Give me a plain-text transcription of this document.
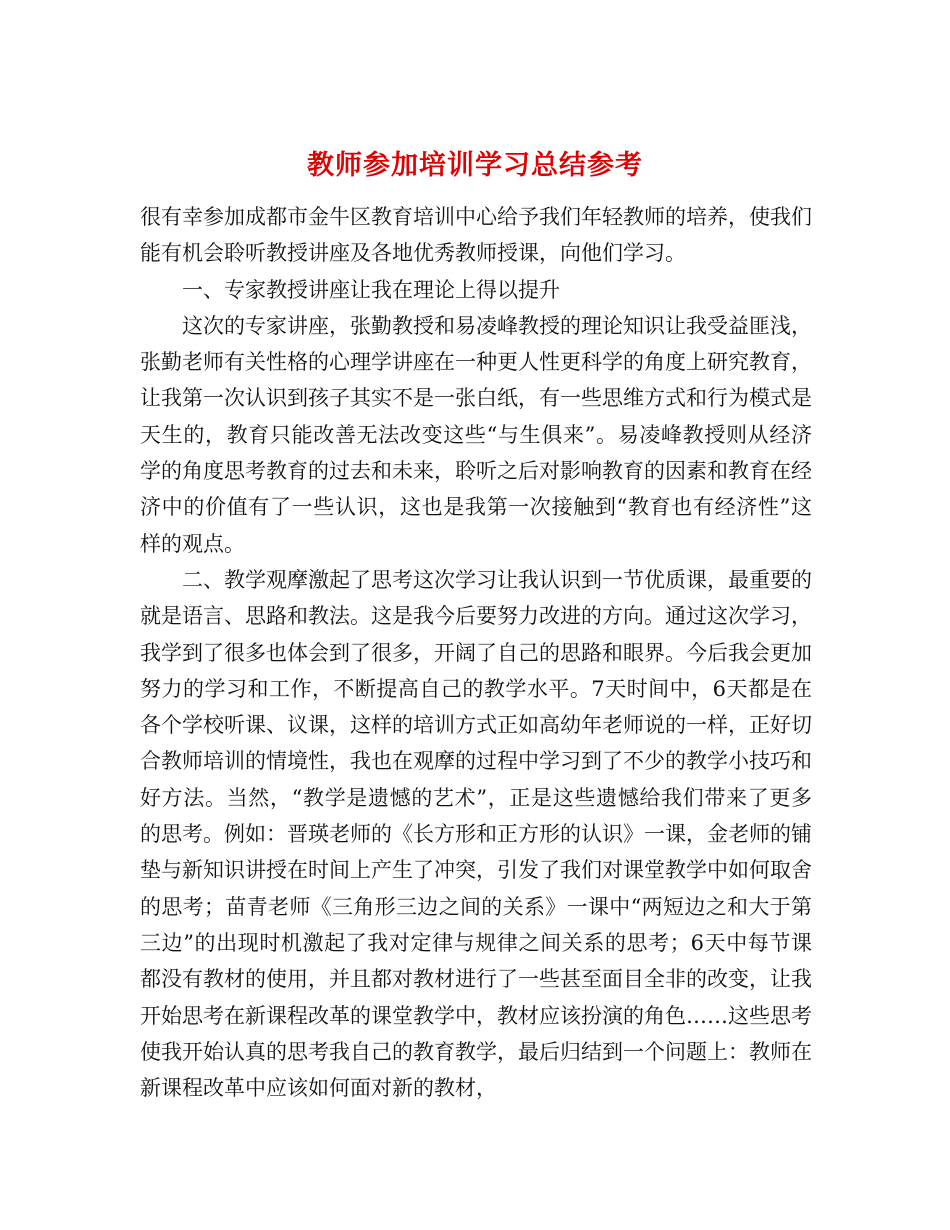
教师参加培训学习总结参考

很有幸参加成都市金牛区教育培训中心给予我们年轻教师的培养，使我们能有机会聆听教授讲座及各地优秀教师授课，向他们学习。

一、专家教授讲座让我在理论上得以提升

这次的专家讲座，张勤教授和易凌峰教授的理论知识让我受益匪浅，张勤老师有关性格的心理学讲座在一种更人性更科学的角度上研究教育，让我第一次认识到孩子其实不是一张白纸，有一些思维方式和行为模式是天生的，教育只能改善无法改变这些“与生俱来”。易凌峰教授则从经济学的角度思考教育的过去和未来，聆听之后对影响教育的因素和教育在经济中的价值有了一些认识，这也是我第一次接触到“教育也有经济性”这样的观点。

二、教学观摩激起了思考这次学习让我认识到一节优质课，最重要的就是语言、思路和教法。这是我今后要努力改进的方向。通过这次学习，我学到了很多也体会到了很多，开阔了自己的思路和眼界。今后我会更加努力的学习和工作，不断提高自己的教学水平。7天时间中，6天都是在各个学校听课、议课，这样的培训方式正如高幼年老师说的一样，正好切合教师培训的情境性，我也在观摩的过程中学习到了不少的教学小技巧和好方法。当然，“教学是遗憾的艺术”，正是这些遗憾给我们带来了更多的思考。例如：晋瑛老师的《长方形和正方形的认识》一课，金老师的铺垫与新知识讲授在时间上产生了冲突，引发了我们对课堂教学中如何取舍的思考；苗青老师《三角形三边之间的关系》一课中“两短边之和大于第三边”的出现时机激起了我对定律与规律之间关系的思考；6天中每节课都没有教材的使用，并且都对教材进行了一些甚至面目全非的改变，让我开始思考在新课程改革的课堂教学中，教材应该扮演的角色……这些思考使我开始认真的思考我自己的教育教学，最后归结到一个问题上：教师在新课程改革中应该如何面对新的教材，
